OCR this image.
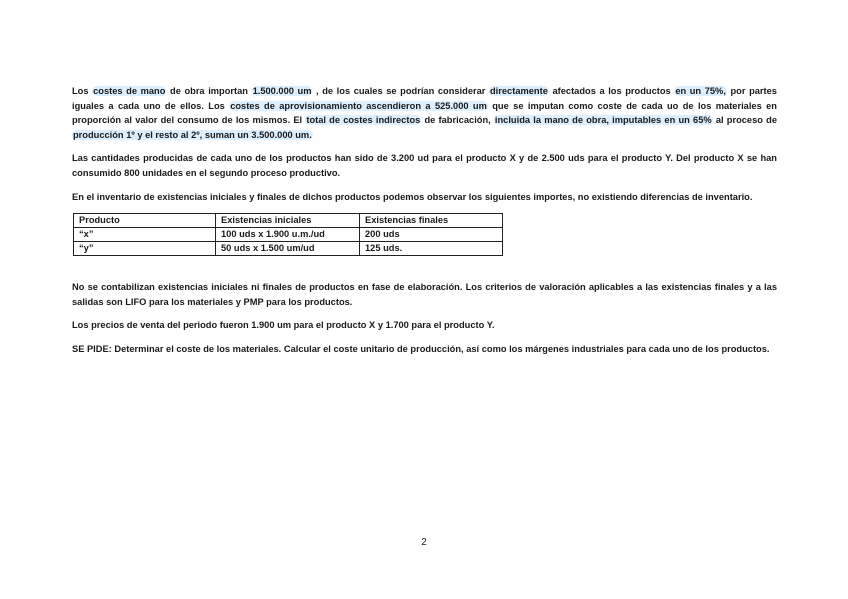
Los costes de mano de obra importan 1.500.000 um , de los cuales se podrían considerar directamente afectados a los productos en un 75%, por partes iguales a cada uno de ellos. Los costes de aprovisionamiento ascendieron a 525.000 um que se imputan como coste de cada uo de los materiales en proporción al valor del consumo de los mismos. El total de costes indirectos de fabricación, incluida la mano de obra, imputables en un 65% al proceso de producción 1º y el resto al 2º, suman un 3.500.000 um.

Las cantidades producidas de cada uno de los productos han sido de 3.200 ud para el producto X y de 2.500 uds para el producto Y. Del producto X se han consumido 800 unidades en el segundo proceso productivo.

En el inventario de existencias iniciales y finales de dichos productos podemos observar los siguientes importes, no existiendo diferencias de inventario.

Producto	Existencias iniciales	Existencias finales
“x”	100 uds x 1.900 u.m./ud	200 uds
“y”	50 uds x 1.500 um/ud	125 uds.

No se contabilizan existencias iniciales ni finales de productos en fase de elaboración. Los criterios de valoración aplicables a las existencias finales y a las salidas son LIFO para los materiales y PMP para los productos.

Los precios de venta del periodo fueron 1.900 um para el producto X y 1.700 para el producto Y.

SE PIDE: Determinar el coste de los materiales. Calcular el coste unitario de producción, así como los márgenes industriales para cada uno de los productos.

2
